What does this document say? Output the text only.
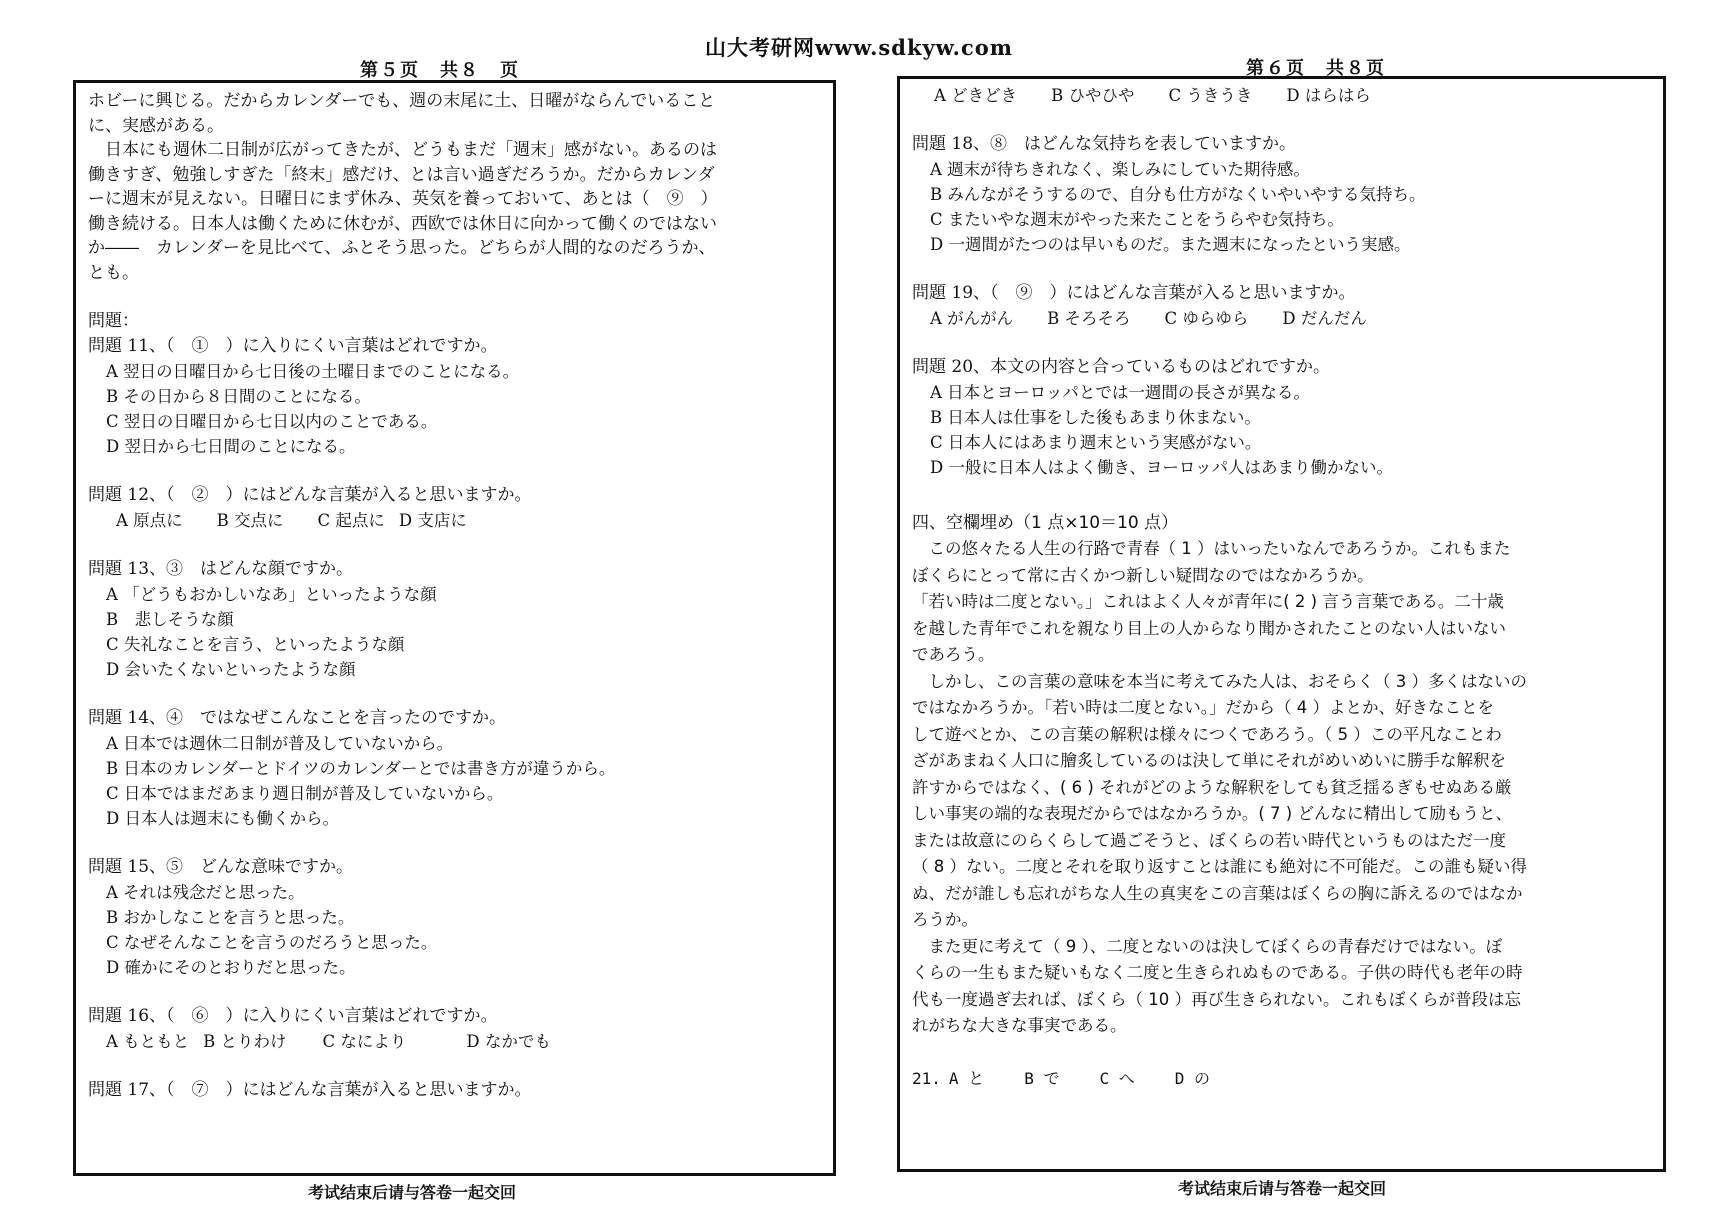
山大考研网www.sdkyw.com
第５页　共８　页
ホビーに興じる。だからカレンダーでも、週の末尾に土、日曜がならんでいること
に、実感がある。
　日本にも週休二日制が広がってきたが、どうもまだ「週末」感がない。あるのは
働きすぎ、勉強しすぎた「終末」感だけ、とは言い過ぎだろうか。だからカレンダ
ーに週末が見えない。日曜日にまず休み、英気を養っておいて、あとは（　⑨　）
働き続ける。日本人は働くために休むが、西欧では休日に向かって働くのではない
か――　カレンダーを見比べて、ふとそう思った。どちらが人間的なのだろうか、
とも。
問題：
問題 11、（　①　）に入りにくい言葉はどれですか。
A 翌日の日曜日から七日後の土曜日までのことになる。
B その日から８日間のことになる。
C 翌日の日曜日から七日以内のことである。
D 翌日から七日間のことになる。
問題 12、（　②　）にはどんな言葉が入ると思いますか。
A 原点に B 交点に C 起点に D 支店に
問題 13、③　はどんな顔ですか。
A 「どうもおかしいなあ」といったような顔
B　悲しそうな顔
C 失礼なことを言う、といったような顔
D 会いたくないといったような顔
問題 14、④　ではなぜこんなことを言ったのですか。
A 日本では週休二日制が普及していないから。
B 日本のカレンダーとドイツのカレンダーとでは書き方が違うから。
C 日本ではまだあまり週日制が普及していないから。
D 日本人は週末にも働くから。
問題 15、⑤　どんな意味ですか。
A それは残念だと思った。
B おかしなことを言うと思った。
C なぜそんなことを言うのだろうと思った。
D 確かにそのとおりだと思った。
問題 16、（　⑥　）に入りにくい言葉はどれですか。
A もともと B とりわけ C なにより	D なかでも
問題 17、（　⑦　）にはどんな言葉が入ると思いますか。
考试结束后请与答卷一起交回
第６页　共８页
A どきどき B ひやひや C うきうき D はらはら
問題 18、⑧　はどんな気持ちを表していますか。
A 週末が待ちきれなく、楽しみにしていた期待感。
B みんながそうするので、自分も仕方がなくいやいやする気持ち。
C またいやな週末がやった来たことをうらやむ気持ち。
D 一週間がたつのは早いものだ。また週末になったという実感。
問題 19、（　⑨　）にはどんな言葉が入ると思いますか。
A がんがん B そろそろ C ゆらゆら D だんだん
問題 20、本文の内容と合っているものはどれですか。
A 日本とヨーロッパとでは一週間の長さが異なる。
B 日本人は仕事をした後もあまり休まない。
C 日本人にはあまり週末という実感がない。
D 一般に日本人はよく働き、ヨーロッパ人はあまり働かない。
四、空欄埋め（1 点×10＝10 点）
　この悠々たる人生の行路で青春（ 1 ）はいったいなんであろうか。これもまた
ぼくらにとって常に古くかつ新しい疑問なのではなかろうか。
「若い時は二度とない。」これはよく人々が青年に( 2 ) 言う言葉である。二十歳
を越した青年でこれを親なり目上の人からなり聞かされたことのない人はいない
であろう。
　しかし、この言葉の意味を本当に考えてみた人は、おそらく（ 3 ）多くはないの
ではなかろうか。「若い時は二度とない。」だから（ 4 ）よとか、好きなことを
して遊べとか、この言葉の解釈は様々につくであろう。（ 5 ）この平凡なことわ
ざがあまねく人口に膾炙しているのは決して単にそれがめいめいに勝手な解釈を
許すからではなく、( 6 ) それがどのような解釈をしても貧乏揺るぎもせぬある厳
しい事実の端的な表現だからではなかろうか。( 7 ) どんなに精出して励もうと、
または故意にのらくらして過ごそうと、ぼくらの若い時代というものはただ一度
（ 8 ）ない。二度とそれを取り返すことは誰にも絶対に不可能だ。この誰も疑い得
ぬ、だが誰しも忘れがちな人生の真実をこの言葉はぼくらの胸に訴えるのではなか
ろうか。
　また更に考えて（ 9 ）、二度とないのは決してぼくらの青春だけではない。ぼ
くらの一生もまた疑いもなく二度と生きられぬものである。子供の時代も老年の時
代も一度過ぎ去れば、ぼくら（ 10 ）再び生きられない。これもぼくらが普段は忘
れがちな大きな事実である。
21. A と	B で	C へ	D の
考试结束后请与答卷一起交回
